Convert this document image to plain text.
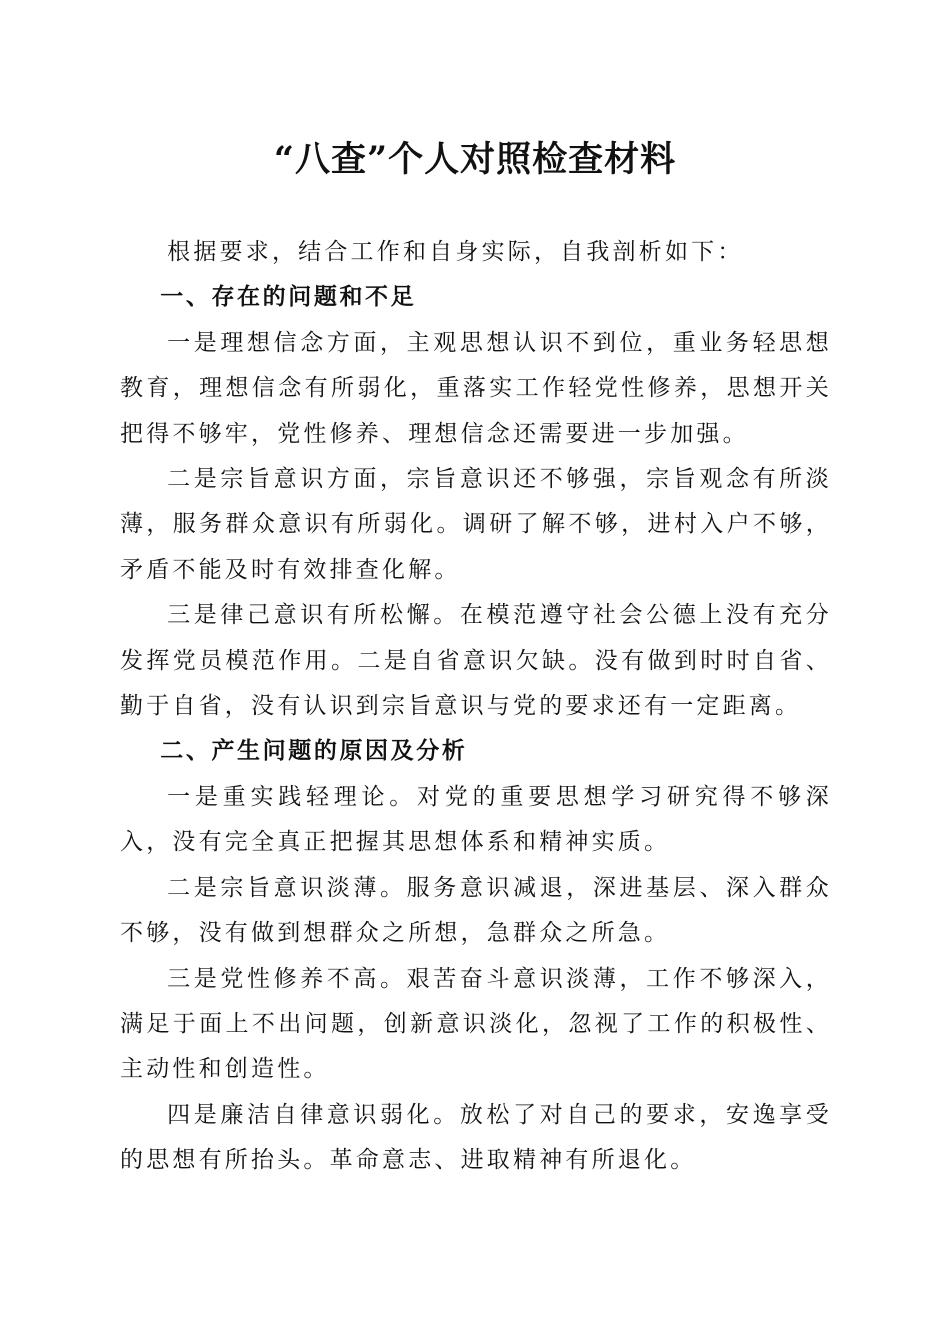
“八查”个人对照检查材料

根据要求，结合工作和自身实际，自我剖析如下：

一、存在的问题和不足

一是理想信念方面，主观思想认识不到位，重业务轻思想教育，理想信念有所弱化，重落实工作轻党性修养，思想开关把得不够牢，党性修养、理想信念还需要进一步加强。

二是宗旨意识方面，宗旨意识还不够强，宗旨观念有所淡薄，服务群众意识有所弱化。调研了解不够，进村入户不够，矛盾不能及时有效排查化解。

三是律己意识有所松懈。在模范遵守社会公德上没有充分发挥党员模范作用。二是自省意识欠缺。没有做到时时自省、勤于自省，没有认识到宗旨意识与党的要求还有一定距离。

二、产生问题的原因及分析

一是重实践轻理论。对党的重要思想学习研究得不够深入，没有完全真正把握其思想体系和精神实质。

二是宗旨意识淡薄。服务意识减退，深进基层、深入群众不够，没有做到想群众之所想，急群众之所急。

三是党性修养不高。艰苦奋斗意识淡薄，工作不够深入，满足于面上不出问题，创新意识淡化，忽视了工作的积极性、主动性和创造性。

四是廉洁自律意识弱化。放松了对自己的要求，安逸享受的思想有所抬头。革命意志、进取精神有所退化。
